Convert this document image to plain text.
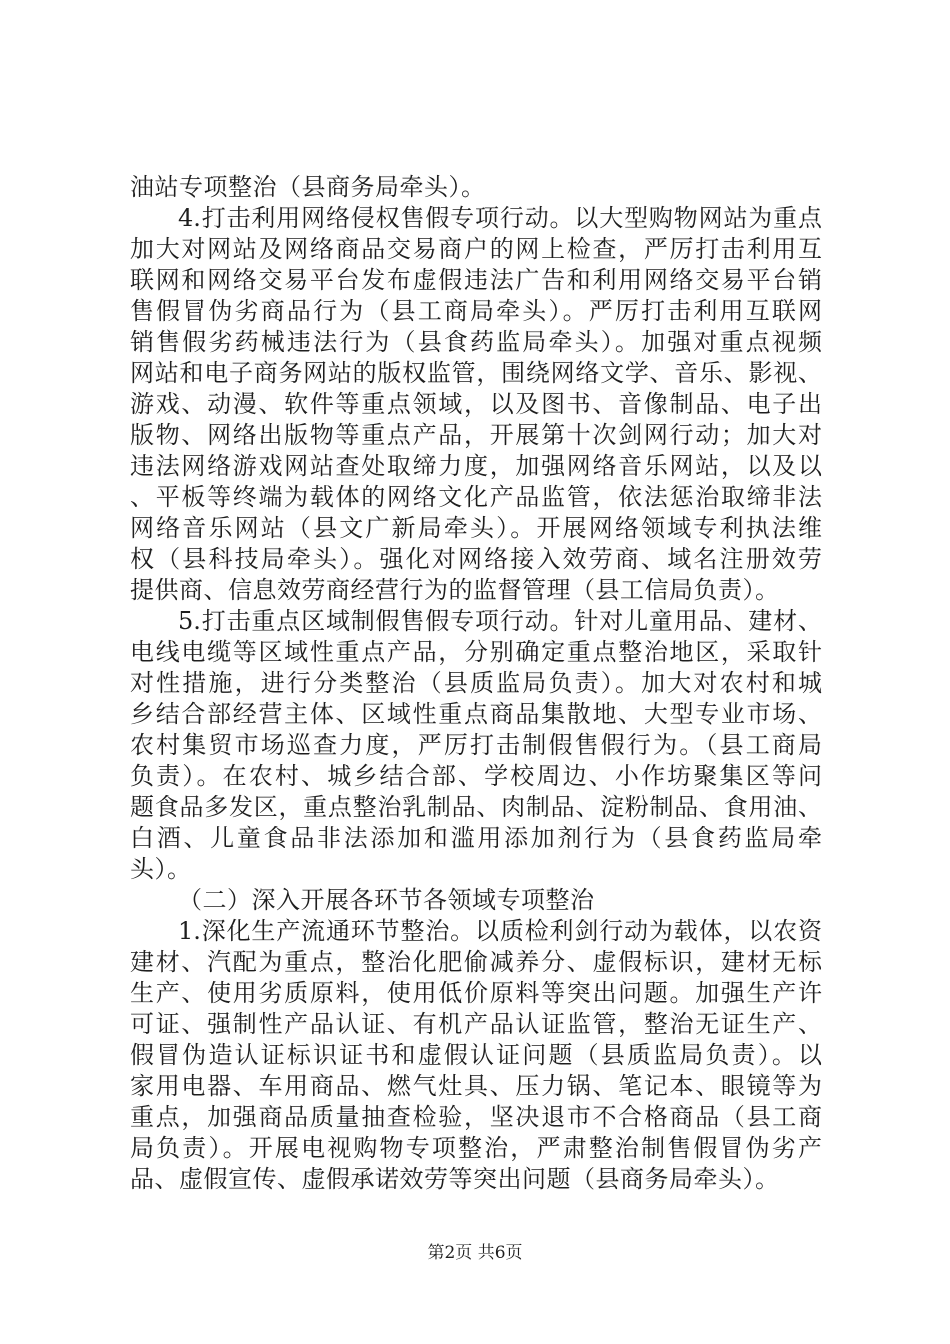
油站专项整治（县商务局牵头）。
4.打击利用网络侵权售假专项行动。以大型购物网站为重点
加大对网站及网络商品交易商户的网上检查，严厉打击利用互
联网和网络交易平台发布虚假违法广告和利用网络交易平台销
售假冒伪劣商品行为（县工商局牵头）。严厉打击利用互联网
销售假劣药械违法行为（县食药监局牵头）。加强对重点视频
网站和电子商务网站的版权监管，围绕网络文学、音乐、影视、
游戏、动漫、软件等重点领域，以及图书、音像制品、电子出
版物、网络出版物等重点产品，开展第十次剑网行动；加大对
违法网络游戏网站查处取缔力度，加强网络音乐网站，以及以
、平板等终端为载体的网络文化产品监管，依法惩治取缔非法
网络音乐网站（县文广新局牵头）。开展网络领域专利执法维
权（县科技局牵头）。强化对网络接入效劳商、域名注册效劳
提供商、信息效劳商经营行为的监督管理（县工信局负责）。
5.打击重点区域制假售假专项行动。针对儿童用品、建材、
电线电缆等区域性重点产品，分别确定重点整治地区，采取针
对性措施，进行分类整治（县质监局负责）。加大对农村和城
乡结合部经营主体、区域性重点商品集散地、大型专业市场、
农村集贸市场巡查力度，严厉打击制假售假行为。（县工商局
负责）。在农村、城乡结合部、学校周边、小作坊聚集区等问
题食品多发区，重点整治乳制品、肉制品、淀粉制品、食用油、
白酒、儿童食品非法添加和滥用添加剂行为（县食药监局牵
头）。
（二）深入开展各环节各领域专项整治
1.深化生产流通环节整治。以质检利剑行动为载体，以农资
建材、汽配为重点，整治化肥偷减养分、虚假标识，建材无标
生产、使用劣质原料，使用低价原料等突出问题。加强生产许
可证、强制性产品认证、有机产品认证监管，整治无证生产、
假冒伪造认证标识证书和虚假认证问题（县质监局负责）。以
家用电器、车用商品、燃气灶具、压力锅、笔记本、眼镜等为
重点，加强商品质量抽查检验，坚决退市不合格商品（县工商
局负责）。开展电视购物专项整治，严肃整治制售假冒伪劣产
品、虚假宣传、虚假承诺效劳等突出问题（县商务局牵头）。
第2页 共6页
